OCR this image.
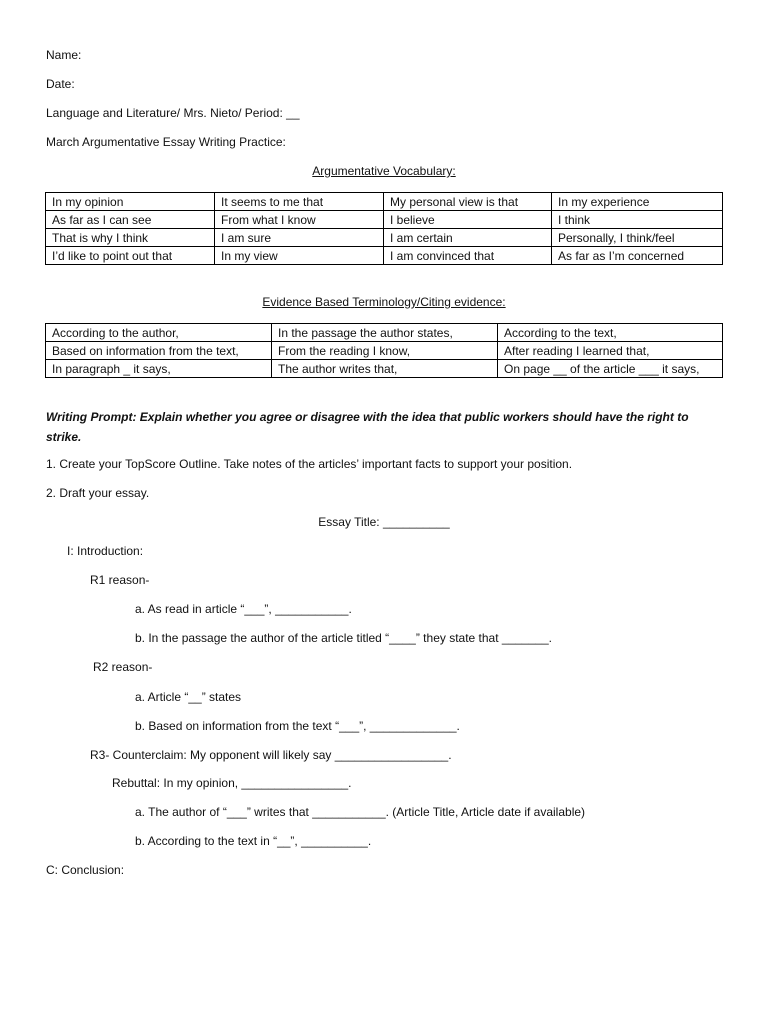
Name:
Date:
Language and Literature/ Mrs. Nieto/ Period: __
March Argumentative Essay Writing Practice:
Argumentative Vocabulary:
In my opinion	It seems to me that	My personal view is that	In my experience
As far as I can see	From what I know	I believe	I think
That is why I think	I am sure	I am certain	Personally, I think/feel
I’d like to point out that	In my view	I am convinced that	As far as I’m concerned
Evidence Based Terminology/Citing evidence:
According to the author,	In the passage the author states,	According to the text,
Based on information from the text,	From the reading I know,	After reading I learned that,
In paragraph _ it says,	The author writes that,	On page __ of the article ___ it says,
Writing Prompt: Explain whether you agree or disagree with the idea that public workers should have the right to strike.
1. Create your TopScore Outline. Take notes of the articles’ important facts to support your position.
2. Draft your essay.
Essay Title: __________
I: Introduction:
R1 reason-
a. As read in article “___”, ___________.
b. In the passage the author of the article titled “____” they state that _______.
R2 reason-
a. Article “__” states
b. Based on information from the text “___”, _____________.
R3- Counterclaim: My opponent will likely say _________________.
Rebuttal: In my opinion, ________________.
a. The author of “___” writes that ___________. (Article Title, Article date if available)
b. According to the text in “__”, __________.
C: Conclusion:
